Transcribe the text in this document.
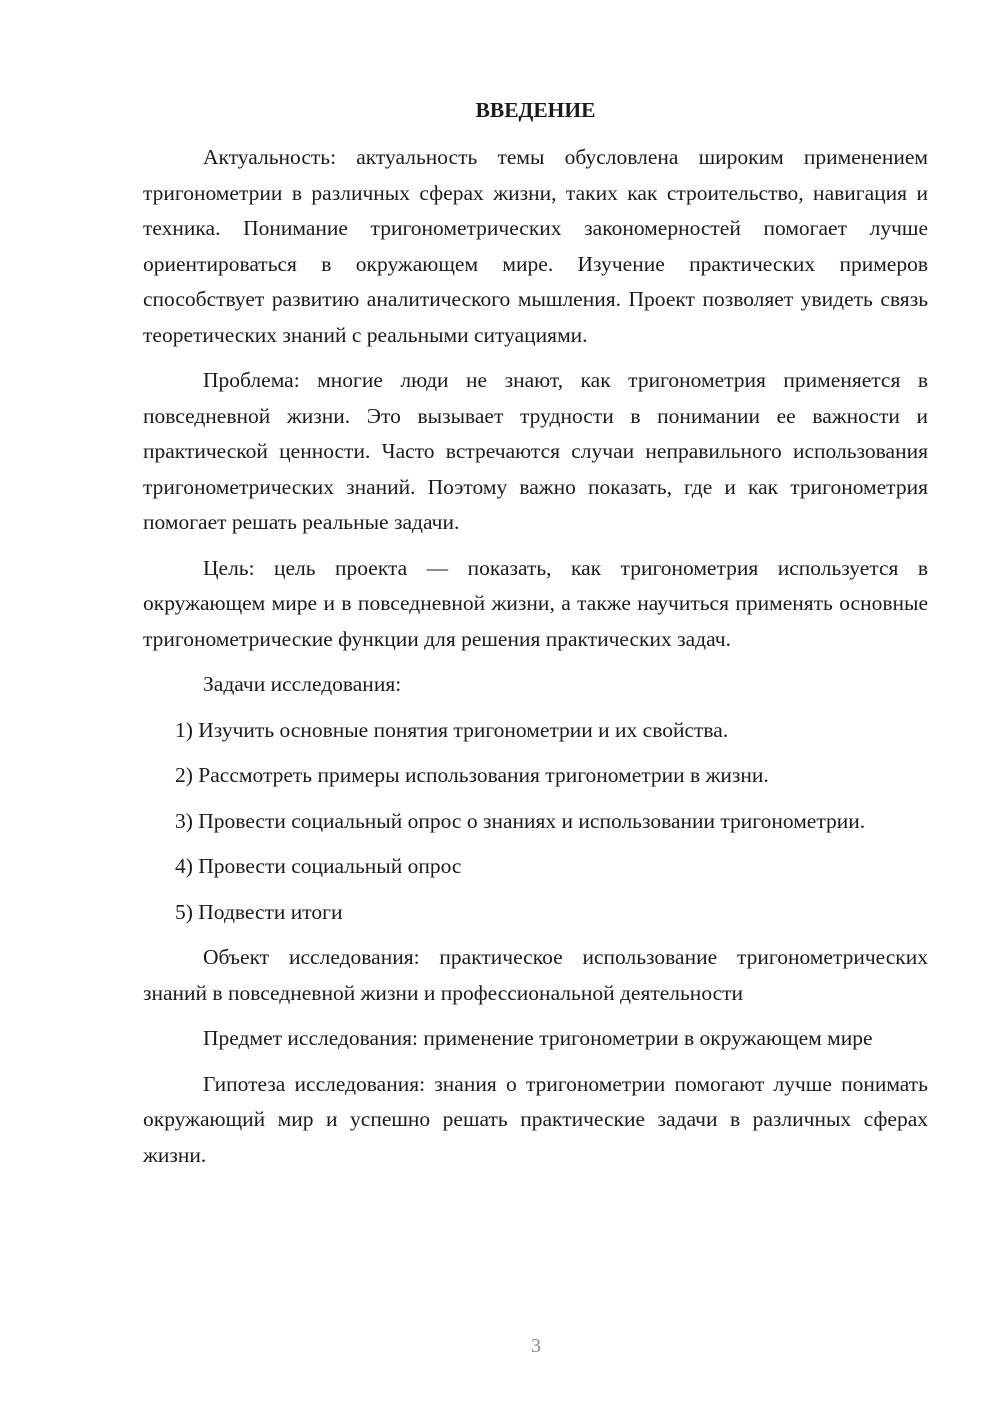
ВВЕДЕНИЕ

Актуальность: актуальность темы обусловлена широким применением тригонометрии в различных сферах жизни, таких как строительство, навигация и техника. Понимание тригонометрических закономерностей помогает лучше ориентироваться в окружающем мире. Изучение практических примеров способствует развитию аналитического мышления. Проект позволяет увидеть связь теоретических знаний с реальными ситуациями.

Проблема: многие люди не знают, как тригонометрия применяется в повседневной жизни. Это вызывает трудности в понимании ее важности и практической ценности. Часто встречаются случаи неправильного использования тригонометрических знаний. Поэтому важно показать, где и как тригонометрия помогает решать реальные задачи.

Цель: цель проекта — показать, как тригонометрия используется в окружающем мире и в повседневной жизни, а также научиться применять основные тригонометрические функции для решения практических задач.

Задачи исследования:

1) Изучить основные понятия тригонометрии и их свойства.

2) Рассмотреть примеры использования тригонометрии в жизни.

3) Провести социальный опрос о знаниях и использовании тригонометрии.

4) Провести социальный опрос

5) Подвести итоги

Объект исследования: практическое использование тригонометрических знаний в повседневной жизни и профессиональной деятельности

Предмет исследования: применение тригонометрии в окружающем мире

Гипотеза исследования: знания о тригонометрии помогают лучше понимать окружающий мир и успешно решать практические задачи в различных сферах жизни.

3
